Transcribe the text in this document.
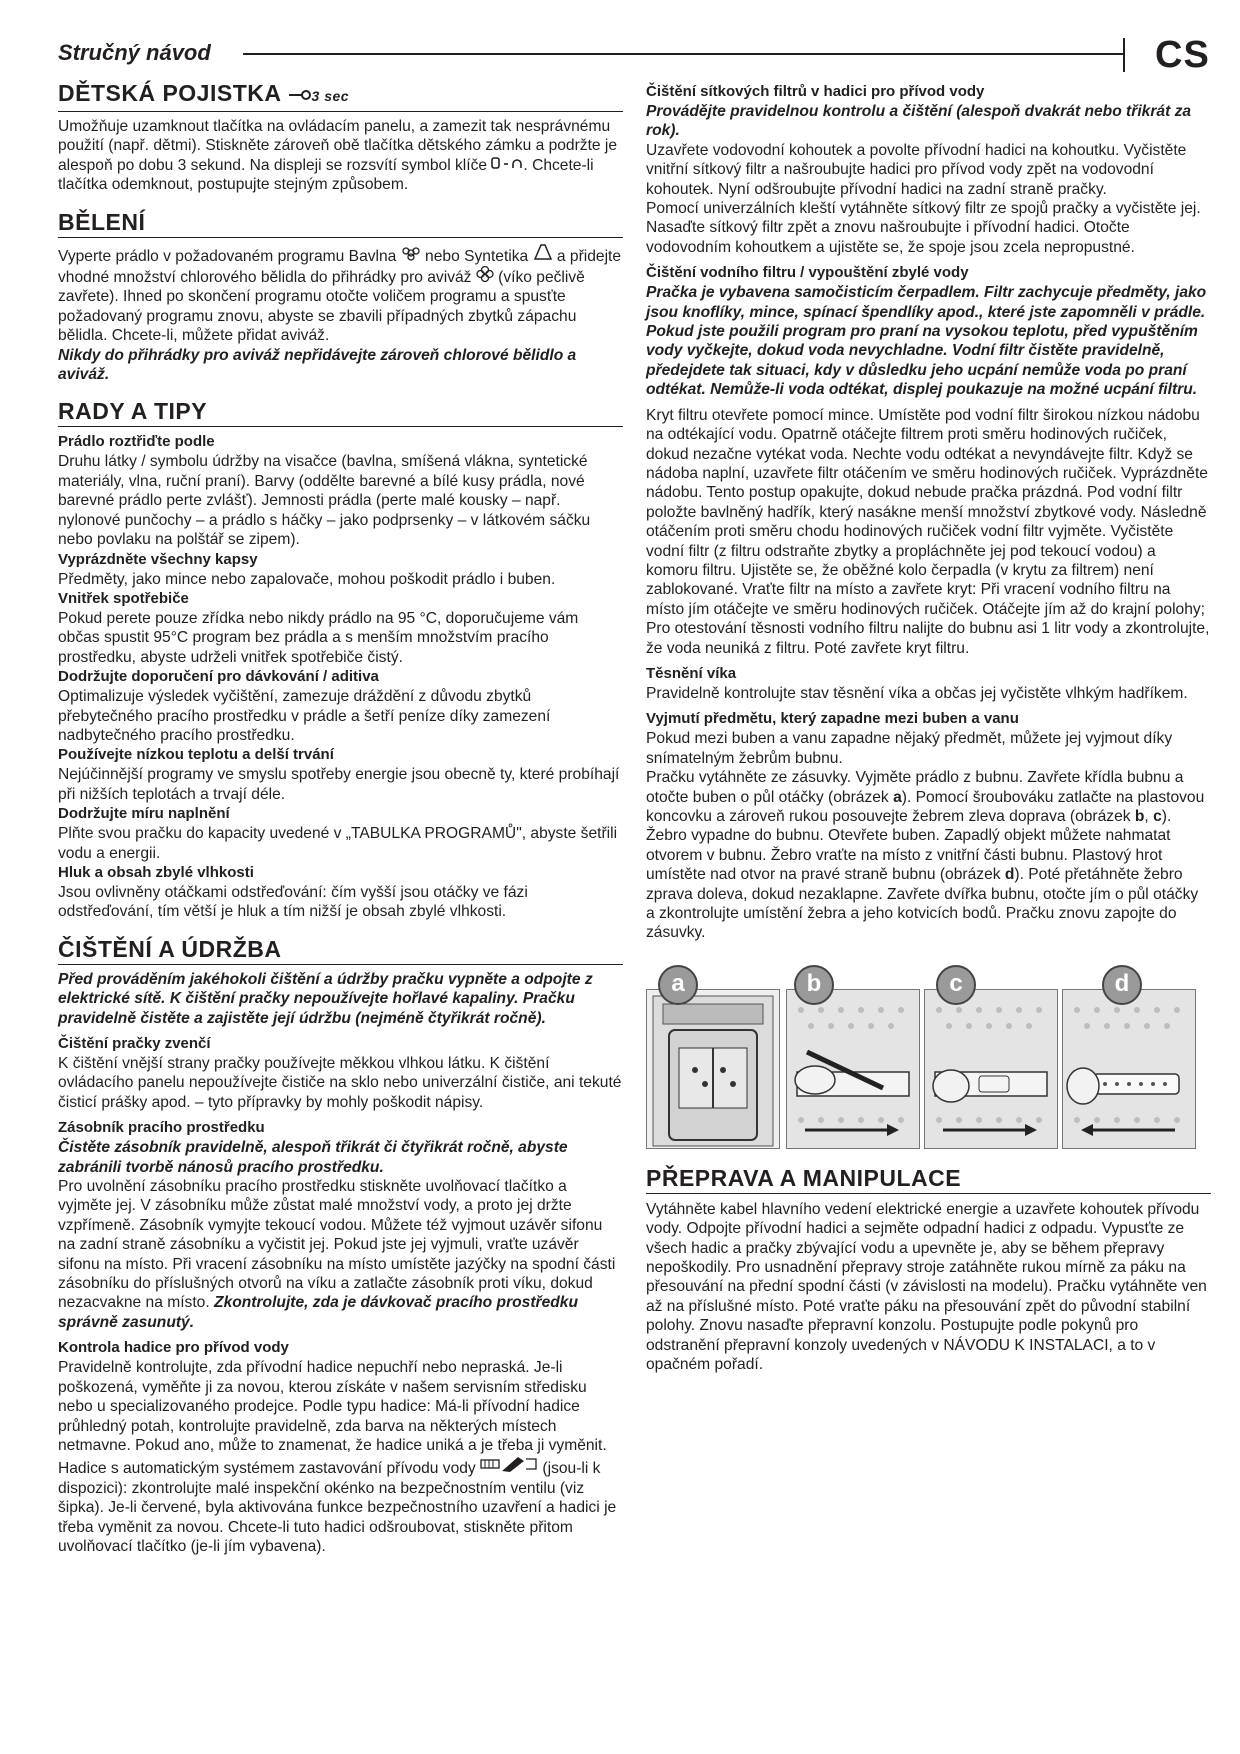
Stručný návod	CS
DĚTSKÁ POJISTKA 3 sec

Umožňuje uzamknout tlačítka na ovládacím panelu, a zamezit tak nesprávnému použití (např. dětmi). Stiskněte zároveň obě tlačítka dětského zámku a podržte je alespoň po dobu 3 sekund. Na displeji se rozsvítí symbol klíče . Chcete-li tlačítka odemknout, postupujte stejným způsobem.

BĚLENÍ

Vyperte prádlo v požadovaném programu Bavlna nebo Syntetika a přidejte vhodné množství chlorového bělidla do přihrádky pro aviváž (víko pečlivě zavřete). Ihned po skončení programu otočte voličem programu a spusťte požadovaný programu znovu, abyste se zbavili případných zbytků zápachu bělidla. Chcete-li, můžete přidat aviváž.

Nikdy do přihrádky pro aviváž nepřidávejte zároveň chlorové bělidlo a aviváž.

RADY A TIPY
Prádlo roztřiďte podle

Druhu látky / symbolu údržby na visačce (bavlna, smíšená vlákna, syntetické materiály, vlna, ruční praní). Barvy (oddělte barevné a bílé kusy prádla, nové barevné prádlo perte zvlášť). Jemnosti prádla (perte malé kousky – např. nylonové punčochy – a prádlo s háčky – jako podprsenky – v látkovém sáčku nebo povlaku na polštář se zipem).

Vyprázdněte všechny kapsy

Předměty, jako mince nebo zapalovače, mohou poškodit prádlo i buben.

Vnitřek spotřebiče

Pokud perete pouze zřídka nebo nikdy prádlo na 95 °C, doporučujeme vám občas spustit 95°C program bez prádla a s menším množstvím pracího prostředku, abyste udrželi vnitřek spotřebiče čistý.

Dodržujte doporučení pro dávkování / aditiva

Optimalizuje výsledek vyčištění, zamezuje dráždění z důvodu zbytků přebytečného pracího prostředku v prádle a šetří peníze díky zamezení nadbytečného pracího prostředku.

Používejte nízkou teplotu a delší trvání

Nejúčinnější programy ve smyslu spotřeby energie jsou obecně ty, které probíhají při nižších teplotách a trvají déle.

Dodržujte míru naplnění

Plňte svou pračku do kapacity uvedené v „TABULKA PROGRAMŮ", abyste šetřili vodu a energii.

Hluk a obsah zbylé vlhkosti

Jsou ovlivněny otáčkami odstřeďování: čím vyšší jsou otáčky ve fázi odstřeďování, tím větší je hluk a tím nižší je obsah zbylé vlhkosti.

ČIŠTĚNÍ A ÚDRŽBA

Před prováděním jakéhokoli čištění a údržby pračku vypněte a odpojte z elektrické sítě. K čištění pračky nepoužívejte hořlavé kapaliny. Pračku pravidelně čistěte a zajistěte její údržbu (nejméně čtyřikrát ročně).

Čištění pračky zvenčí

K čištění vnější strany pračky používejte měkkou vlhkou látku. K čištění ovládacího panelu nepoužívejte čističe na sklo nebo univerzální čističe, ani tekuté čisticí prášky apod. – tyto přípravky by mohly poškodit nápisy.

Zásobník pracího prostředku

Čistěte zásobník pravidelně, alespoň třikrát či čtyřikrát ročně, abyste zabránili tvorbě nánosů pracího prostředku.

Pro uvolnění zásobníku pracího prostředku stiskněte uvolňovací tlačítko a vyjměte jej. V zásobníku může zůstat malé množství vody, a proto jej držte vzpřímeně. Zásobník vymyjte tekoucí vodou. Můžete též vyjmout uzávěr sifonu na zadní straně zásobníku a vyčistit jej. Pokud jste jej vyjmuli, vraťte uzávěr sifonu na místo. Při vracení zásobníku na místo umístěte jazýčky na spodní části zásobníku do příslušných otvorů na víku a zatlačte zásobník proti víku, dokud nezacvakne na místo. Zkontrolujte, zda je dávkovač pracího prostředku správně zasunutý.

Kontrola hadice pro přívod vody

Pravidelně kontrolujte, zda přívodní hadice nepuchří nebo nepraská. Je-li poškozená, vyměňte ji za novou, kterou získáte v našem servisním středisku nebo u specializovaného prodejce. Podle typu hadice: Má-li přívodní hadice průhledný potah, kontrolujte pravidelně, zda barva na některých místech netmavne. Pokud ano, může to znamenat, že hadice uniká a je třeba ji vyměnit. Hadice s automatickým systémem zastavování přívodu vody	(jsou-li k dispozici): zkontrolujte malé inspekční okénko na bezpečnostním ventilu (viz šipka). Je-li červené, byla aktivována funkce bezpečnostního uzavření a hadici je třeba vyměnit za novou. Chcete-li tuto hadici odšroubovat, stiskněte přitom uvolňovací tlačítko (je-li jím vybavena).

Čištění sítkových filtrů v hadici pro přívod vody

Provádějte pravidelnou kontrolu a čištění (alespoň dvakrát nebo třikrát za rok).

Uzavřete vodovodní kohoutek a povolte přívodní hadici na kohoutku. Vyčistěte vnitřní sítkový filtr a našroubujte hadici pro přívod vody zpět na vodovodní kohoutek. Nyní odšroubujte přívodní hadici na zadní straně pračky.

Pomocí univerzálních kleští vytáhněte sítkový filtr ze spojů pračky a vyčistěte jej. Nasaďte sítkový filtr zpět a znovu našroubujte i přívodní hadici. Otočte vodovodním kohoutkem a ujistěte se, že spoje jsou zcela nepropustné.

Čištění vodního filtru / vypouštění zbylé vody

Pračka je vybavena samočisticím čerpadlem. Filtr zachycuje předměty, jako jsou knoflíky, mince, spínací špendlíky apod., které jste zapomněli v prádle. Pokud jste použili program pro praní na vysokou teplotu, před vypuštěním vody vyčkejte, dokud voda nevychladne. Vodní filtr čistěte pravidelně, předejdete tak situaci, kdy v důsledku jeho ucpání nemůže voda po praní odtékat. Nemůže-li voda odtékat, displej poukazuje na možné ucpání filtru.

Kryt filtru otevřete pomocí mince. Umístěte pod vodní filtr širokou nízkou nádobu na odtékající vodu. Opatrně otáčejte filtrem proti směru hodinových ručiček, dokud nezačne vytékat voda. Nechte vodu odtékat a nevyndávejte filtr. Když se nádoba naplní, uzavřete filtr otáčením ve směru hodinových ručiček. Vyprázdněte nádobu. Tento postup opakujte, dokud nebude pračka prázdná. Pod vodní filtr položte bavlněný hadřík, který nasákne menší množství zbytkové vody. Následně otáčením proti směru chodu hodinových ručiček vodní filtr vyjměte. Vyčistěte vodní filtr (z filtru odstraňte zbytky a propláchněte jej pod tekoucí vodou) a komoru filtru. Ujistěte se, že oběžné kolo čerpadla (v krytu za filtrem) není zablokované. Vraťte filtr na místo a zavřete kryt: Při vracení vodního filtru na místo jím otáčejte ve směru hodinových ručiček. Otáčejte jím až do krajní polohy; Pro otestování těsnosti vodního filtru nalijte do bubnu asi 1 litr vody a zkontrolujte, že voda neuniká z filtru. Poté zavřete kryt filtru.

Těsnění víka

Pravidelně kontrolujte stav těsnění víka a občas jej vyčistěte vlhkým hadříkem.

Vyjmutí předmětu, který zapadne mezi buben a vanu

Pokud mezi buben a vanu zapadne nějaký předmět, můžete jej vyjmout díky snímatelným žebrům bubnu.

Pračku vytáhněte ze zásuvky. Vyjměte prádlo z bubnu. Zavřete křídla bubnu a otočte buben o půl otáčky (obrázek a). Pomocí šroubováku zatlačte na plastovou koncovku a zároveň rukou posouvejte žebrem zleva doprava (obrázek b, c). Žebro vypadne do bubnu. Otevřete buben. Zapadlý objekt můžete nahmatat otvorem v bubnu. Žebro vraťte na místo z vnitřní části bubnu. Plastový hrot umístěte nad otvor na pravé straně bubnu (obrázek d). Poté přetáhněte žebro zprava doleva, dokud nezaklapne. Zavřete dvířka bubnu, otočte jím o půl otáčky a zkontrolujte umístění žebra a jeho kotvicích bodů. Pračku znovu zapojte do zásuvky.

a	b	c	d
PŘEPRAVA A MANIPULACE

Vytáhněte kabel hlavního vedení elektrické energie a uzavřete kohoutek přívodu vody. Odpojte přívodní hadici a sejměte odpadní hadici z odpadu. Vypusťte ze všech hadic a pračky zbývající vodu a upevněte je, aby se během přepravy nepoškodily. Pro usnadnění přepravy stroje zatáhněte rukou mírně za páku na přesouvání na přední spodní části (v závislosti na modelu). Pračku vytáhněte ven až na příslušné místo. Poté vraťte páku na přesouvání zpět do původní stabilní polohy. Znovu nasaďte přepravní konzolu. Postupujte podle pokynů pro odstranění přepravní konzoly uvedených v NÁVODU K INSTALACI, a to v opačném pořadí.
